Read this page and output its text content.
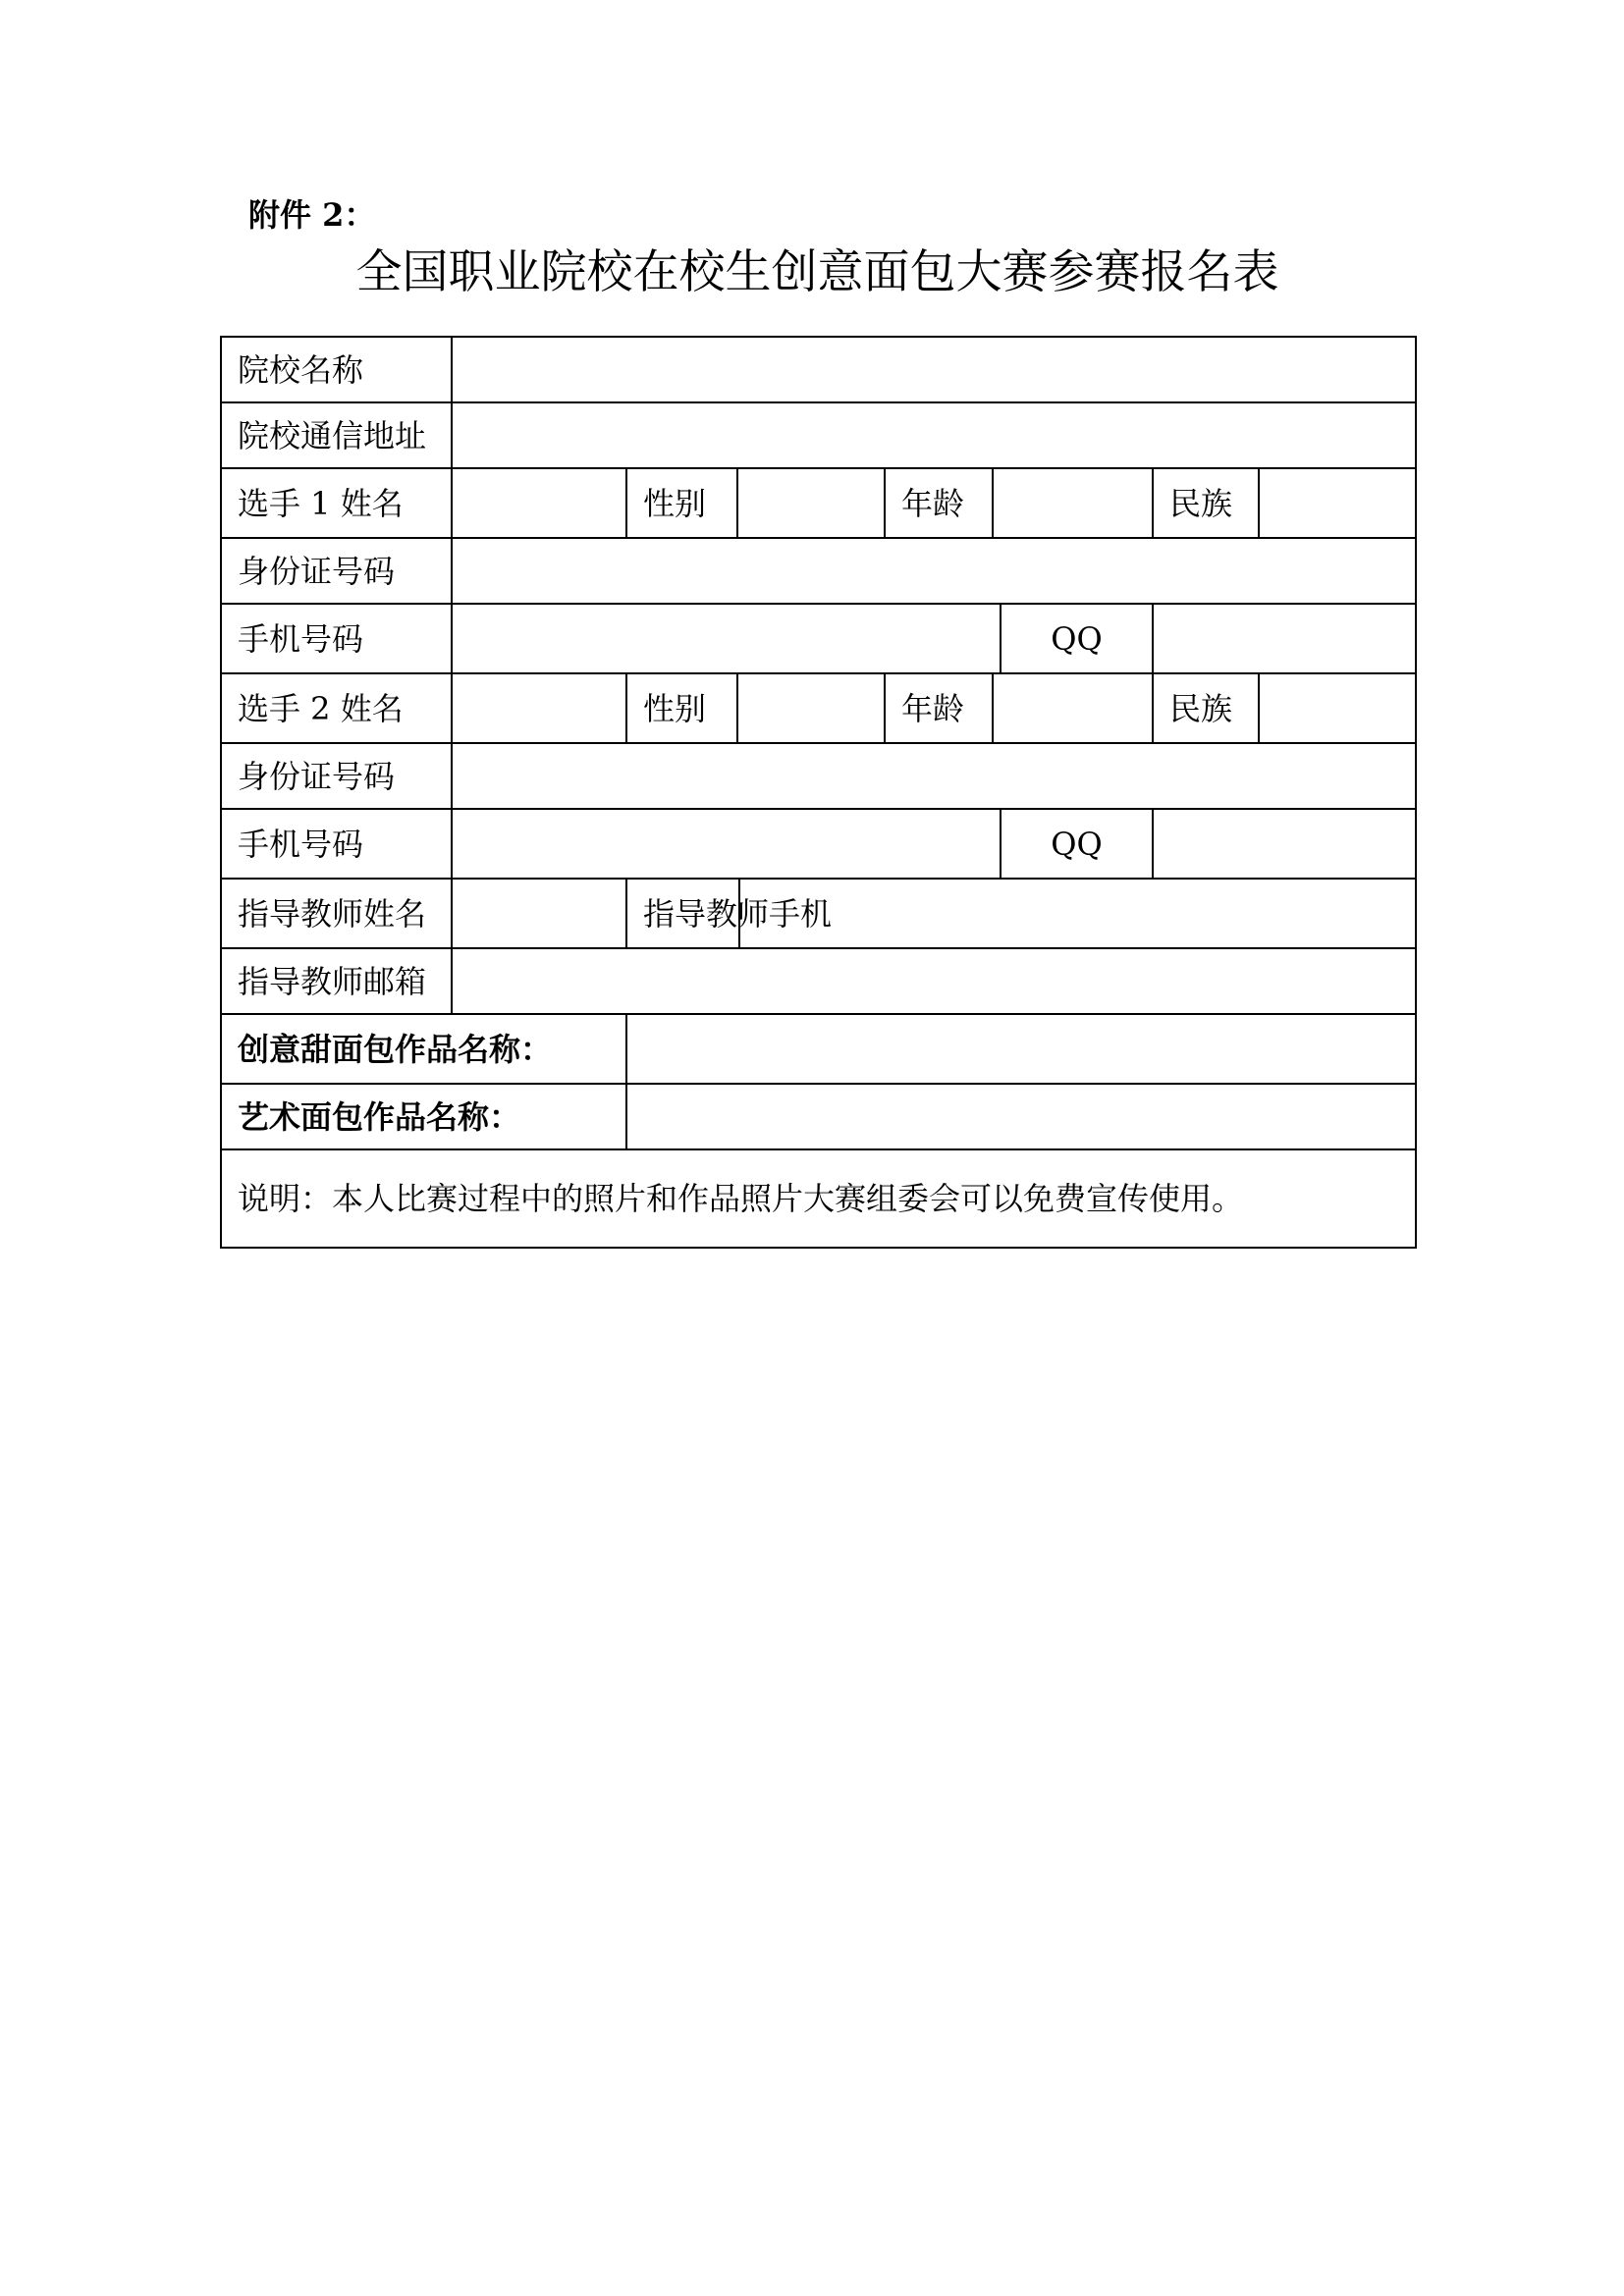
附件 2：
全国职业院校在校生创意面包大赛参赛报名表
院校名称									
院校通信地址									
选手 1 姓名		性别			年龄			民族	
身份证号码									
手机号码							QQ		
选手 2 姓名		性别			年龄			民族	
身份证号码									
手机号码							QQ		
指导教师姓名		指导教师手机							
指导教师邮箱									
创意甜面包作品名称：									
艺术面包作品名称：									
说明：本人比赛过程中的照片和作品照片大赛组委会可以免费宣传使用。									
